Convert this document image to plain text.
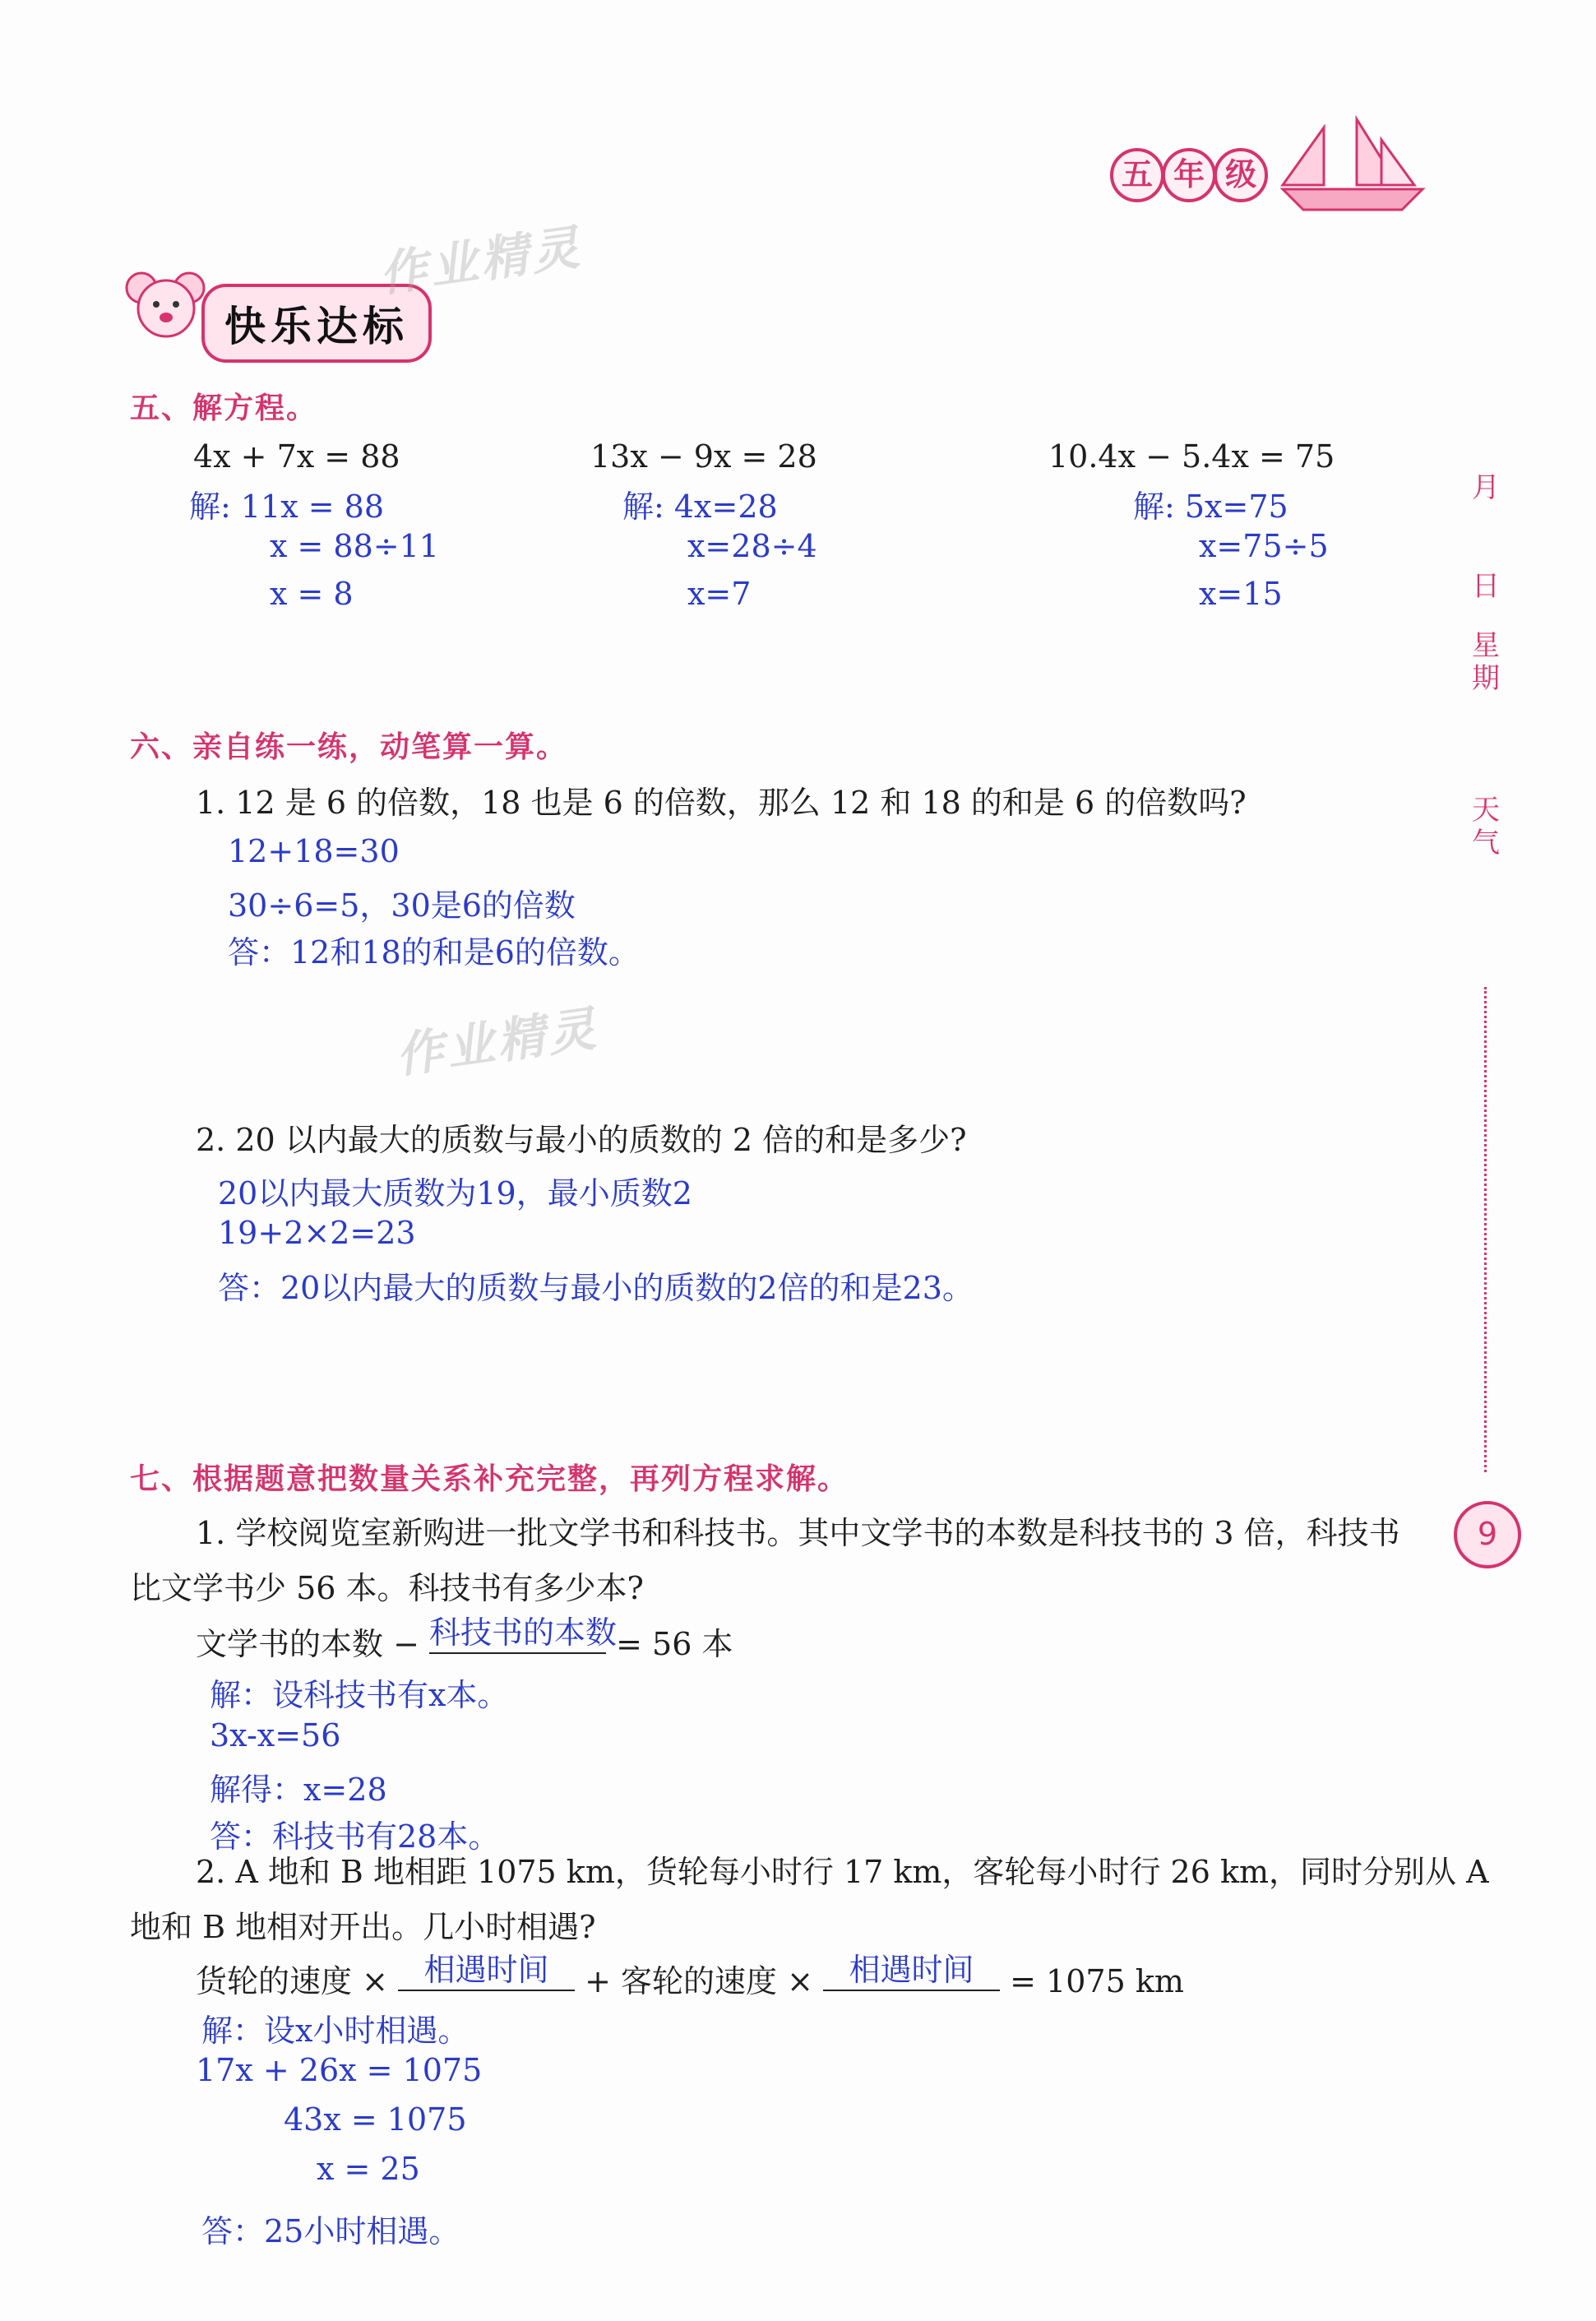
五 年 级
快乐达标
作业精灵
作业精灵
月
日
星期
天气
9
五、解方程。
4x + 7x = 88
解: 11x = 88
x = 88÷11
x = 8
13x − 9x = 28
解: 4x=28
x=28÷4
x=7
10.4x − 5.4x = 75
解: 5x=75
x=75÷5
x=15
六、亲自练一练，动笔算一算。
1. 12 是 6 的倍数，18 也是 6 的倍数，那么 12 和 18 的和是 6 的倍数吗?
12+18=30
30÷6=5，30是6的倍数
答：12和18的和是6的倍数。
2. 20 以内最大的质数与最小的质数的 2 倍的和是多少?
20以内最大质数为19，最小质数2
19+2×2=23
答：20以内最大的质数与最小的质数的2倍的和是23。
七、根据题意把数量关系补充完整，再列方程求解。
1. 学校阅览室新购进一批文学书和科技书。其中文学书的本数是科技书的 3 倍，科技书
比文学书少 56 本。科技书有多少本?
文学书的本数 − 科技书的本数 = 56 本
解：设科技书有x本。
3x-x=56
解得：x=28
答：科技书有28本。
2. A 地和 B 地相距 1075 km，货轮每小时行 17 km，客轮每小时行 26 km，同时分别从 A
地和 B 地相对开出。几小时相遇?
货轮的速度 × 相遇时间 + 客轮的速度 × 相遇时间 = 1075 km
解：设x小时相遇。
17x + 26x = 1075
43x = 1075
x = 25
答：25小时相遇。
